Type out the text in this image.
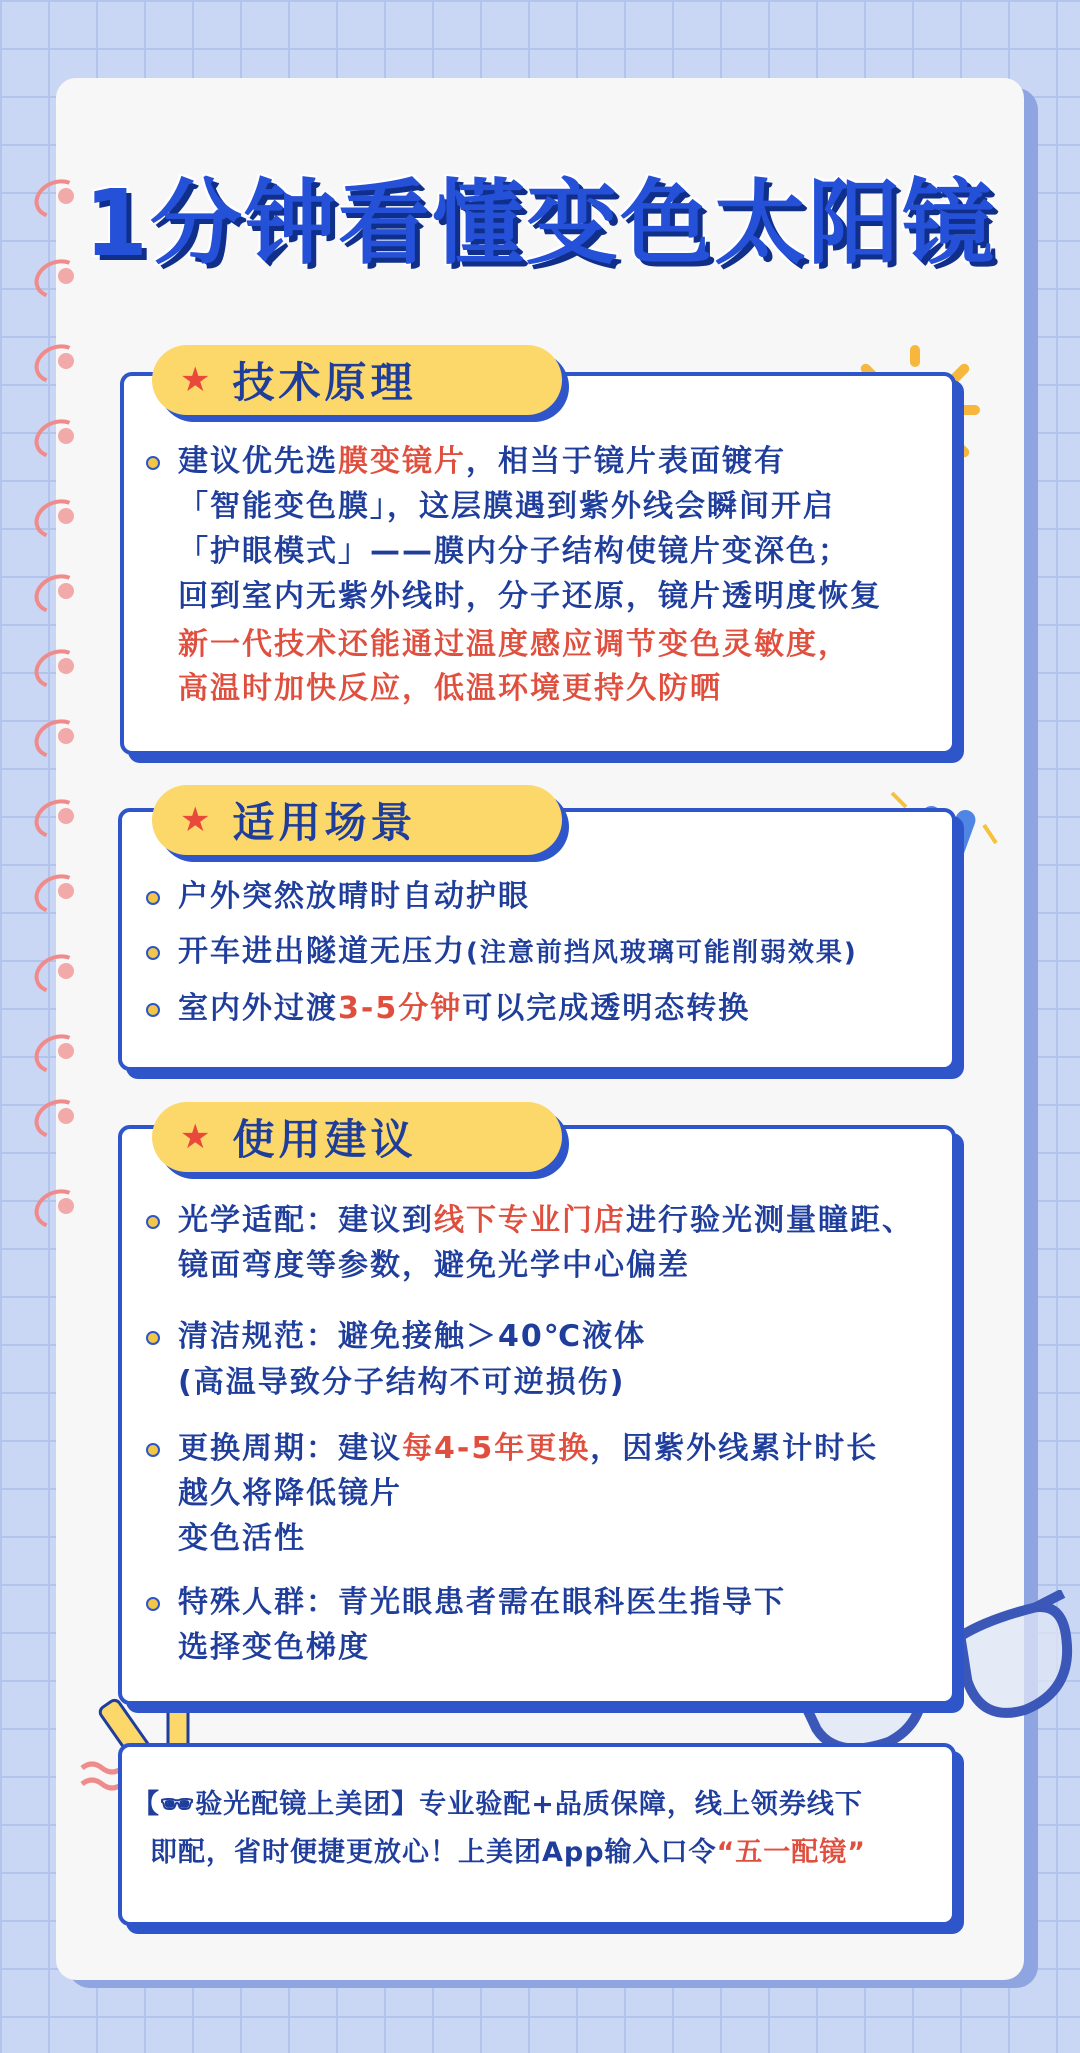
1分钟看懂变色太阳镜
★ 技术原理
建议优先选膜变镜片，相当于镜片表面镀有
「智能变色膜」，这层膜遇到紫外线会瞬间开启
「护眼模式」——膜内分子结构使镜片变深色；
回到室内无紫外线时，分子还原，镜片透明度恢复
新一代技术还能通过温度感应调节变色灵敏度，
高温时加快反应，低温环境更持久防晒
★ 适用场景
户外突然放晴时自动护眼
开车进出隧道无压力(注意前挡风玻璃可能削弱效果)
室内外过渡3-5分钟可以完成透明态转换
★ 使用建议
光学适配：建议到线下专业门店进行验光测量瞳距、
镜面弯度等参数，避免光学中心偏差
清洁规范：避免接触＞40℃液体
(高温导致分子结构不可逆损伤)
更换周期：建议每4-5年更换，因紫外线累计时长
越久将降低镜片
变色活性
特殊人群：青光眼患者需在眼科医生指导下
选择变色梯度
【🕶验光配镜上美团】专业验配+品质保障，线上领券线下
即配，省时便捷更放心！上美团App输入口令“五一配镜”
